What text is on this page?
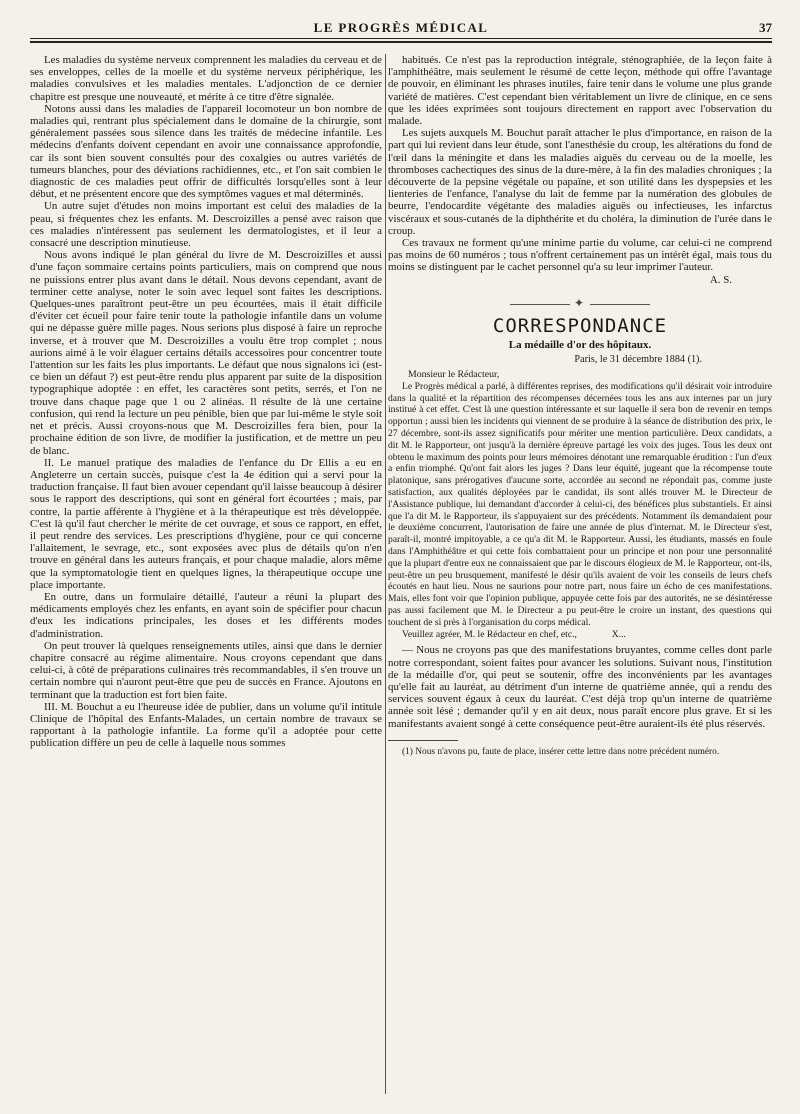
LE PROGRÈS MÉDICAL	37

Les maladies du système nerveux comprennent les maladies du cerveau et de ses enveloppes, celles de la moelle et du système nerveux périphérique, les maladies convulsives et les maladies mentales. L'adjonction de ce dernier chapitre est presque une nouveauté, et mérite à ce titre d'être signalée.

Notons aussi dans les maladies de l'appareil locomoteur un bon nombre de maladies qui, rentrant plus spécialement dans le domaine de la chirurgie, sont généralement passées sous silence dans les traités de médecine infantile. Les médecins d'enfants doivent cependant en avoir une connaissance approfondie, car ils sont bien souvent consultés pour des coxalgies ou autres variétés de tumeurs blanches, pour des déviations rachidiennes, etc., et l'on sait combien le diagnostic de ces maladies peut offrir de difficultés lorsqu'elles sont à leur début, et ne présentent encore que des symptômes vagues et mal déterminés.

Un autre sujet d'études non moins important est celui des maladies de la peau, si fréquentes chez les enfants. M. Descroizilles a pensé avec raison que ces maladies n'intéressent pas seulement les dermatologistes, et il leur a consacré une description minutieuse.

Nous avons indiqué le plan général du livre de M. Descroizilles et aussi d'une façon sommaire certains points particuliers, mais on comprend que nous ne puissions entrer plus avant dans le détail. Nous devons cependant, avant de terminer cette analyse, noter le soin avec lequel sont faites les descriptions. Quelques-unes paraîtront peut-être un peu écourtées, mais il était difficile d'éviter cet écueil pour faire tenir toute la pathologie infantile dans un volume qui ne dépasse guère mille pages. Nous serions plus disposé à faire un reproche inverse, et à trouver que M. Descroizilles a voulu être trop complet ; nous aurions aimé à le voir élaguer certains détails accessoires pour concentrer toute l'attention sur les faits les plus importants. Le défaut que nous signalons ici (est-ce bien un défaut ?) est peut-être rendu plus apparent par suite de la disposition typographique adoptée : en effet, les caractères sont petits, serrés, et l'on ne trouve dans chaque page que 1 ou 2 alinéas. Il résulte de là une certaine confusion, qui rend la lecture un peu pénible, bien que par lui-même le style soit net et précis. Aussi croyons-nous que M. Descroizilles fera bien, pour la prochaine édition de son livre, de modifier la justification, et de mettre un peu de blanc.

II. Le manuel pratique des maladies de l'enfance du Dr Ellis a eu en Angleterre un certain succès, puisque c'est la 4e édition qui a servi pour la traduction française. Il faut bien avouer cependant qu'il laisse beaucoup à désirer sous le rapport des descriptions, qui sont en général fort écourtées ; mais, par contre, la partie afférente à l'hygiène et à la thérapeutique est très développée. C'est là qu'il faut chercher le mérite de cet ouvrage, et sous ce rapport, en effet, il peut rendre des services. Les prescriptions d'hygiène, pour ce qui concerne l'allaitement, le sevrage, etc., sont exposées avec plus de détails qu'on n'en trouve en général dans les auteurs français, et pour chaque maladie, alors même que la symptomatologie tient en quelques lignes, la thérapeutique occupe une place importante.

En outre, dans un formulaire détaillé, l'auteur a réuni la plupart des médicaments employés chez les enfants, en ayant soin de spécifier pour chacun d'eux les indications principales, les doses et les différents modes d'administration.

On peut trouver là quelques renseignements utiles, ainsi que dans le dernier chapitre consacré au régime alimentaire. Nous croyons cependant que dans celui-ci, à côté de préparations culinaires très recommandables, il s'en trouve un certain nombre qui n'auront peut-être que peu de succès en France. Ajoutons en terminant que la traduction est fort bien faite.

III. M. Bouchut a eu l'heureuse idée de publier, dans un volume qu'il intitule Clinique de l'hôpital des Enfants-Malades, un certain nombre de travaux se rapportant à la pathologie infantile. La forme qu'il a adoptée pour cette publication diffère un peu de celle à laquelle nous sommes

habitués. Ce n'est pas la reproduction intégrale, sténographiée, de la leçon faite à l'amphithéâtre, mais seulement le résumé de cette leçon, méthode qui offre l'avantage de pouvoir, en éliminant les phrases inutiles, faire tenir dans le volume une plus grande variété de matières. C'est cependant bien véritablement un livre de clinique, en ce sens que les idées exprimées sont toujours directement en rapport avec l'observation du malade.

Les sujets auxquels M. Bouchut paraît attacher le plus d'importance, en raison de la part qui lui revient dans leur étude, sont l'anesthésie du croup, les altérations du fond de l'œil dans la méningite et dans les maladies aiguës du cerveau ou de la moelle, les thromboses cachectiques des sinus de la dure-mère, à la fin des maladies chroniques ; la découverte de la pepsine végétale ou papaïne, et son utilité dans les dyspepsies et les lienteries de l'enfance, l'analyse du lait de femme par la numération des globules de beurre, l'endocardite végétante des maladies aiguës ou infectieuses, les infarctus viscéraux et sous-cutanés de la diphthérite et du choléra, la diminution de l'urée dans le croup.

Ces travaux ne forment qu'une minime partie du volume, car celui-ci ne comprend pas moins de 60 numéros ; tous n'offrent certainement pas un intérêt égal, mais tous du moins se distinguent par le cachet personnel qu'a su leur imprimer l'auteur.

A. S.
✦
CORRESPONDANCE
La médaille d'or des hôpitaux.
Paris, le 31 décembre 1884 (1).
Monsieur le Rédacteur,

Le Progrès médical a parlé, à différentes reprises, des modifications qu'il désirait voir introduire dans la qualité et la répartition des récompenses décernées tous les ans aux internes par un jury institué à cet effet. C'est là une question intéressante et sur laquelle il sera bon de revenir en temps opportun ; aussi bien les incidents qui viennent de se produire à la séance de distribution des prix, le 27 décembre, sont-ils assez significatifs pour mériter une mention particulière. Deux candidats, a dit M. le Rapporteur, ont jusqu'à la dernière épreuve partagé les voix des juges. Tous les deux ont obtenu le maximum des points pour leurs mémoires dénotant une remarquable érudition : l'un d'eux a enfin triomphé. Qu'ont fait alors les juges ? Dans leur équité, jugeant que la récompense toute platonique, sans prérogatives d'aucune sorte, accordée au second ne répondait pas, comme juste satisfaction, aux qualités déployées par le candidat, ils sont allés trouver M. le Directeur de l'Assistance publique, lui demandant d'accorder à celui-ci, des bénéfices plus substantiels. Et ainsi que l'a dit M. le Rapporteur, ils s'appuyaient sur des précédents. Notamment ils demandaient pour le deuxième concurrent, l'autorisation de faire une année de plus d'internat. M. le Directeur s'est, paraît-il, montré impitoyable, a ce qu'a dit M. le Rapporteur. Aussi, les étudiants, massés en foule dans l'Amphithéâtre et qui cette fois combattaient pour un principe et non pour une personnalité que la plupart d'entre eux ne connaissaient que par le discours élogieux de M. le Rapporteur, ont-ils, peut-être un peu brusquement, manifesté le désir qu'ils avaient de voir les conseils de leurs chefs écoutés en haut lieu. Nous ne saurions pour notre part, nous faire un écho de ces manifestations. Mais, elles font voir que l'opinion publique, appuyée cette fois par des autorités, ne se désintéresse pas aussi facilement que M. le Directeur a pu peut-être le croire un instant, des questions qui touchent de si près à l'organisation du corps médical.

Veuillez agréer, M. le Rédacteur en chef, etc.,	X...

— Nous ne croyons pas que des manifestations bruyantes, comme celles dont parle notre correspondant, soient faites pour avancer les solutions. Suivant nous, l'institution de la médaille d'or, qui peut se soutenir, offre des inconvénients par les avantages qu'elle fait au lauréat, au détriment d'un interne de quatrième année, qui a rendu des services souvent égaux à ceux du lauréat. C'est déjà trop qu'un interne de quatrième année soit lésé ; demander qu'il y en ait deux, nous paraît encore plus grave. Et si les manifestants avaient songé à cette conséquence peut-être auraient-ils été plus réservés.

(1) Nous n'avons pu, faute de place, insérer cette lettre dans notre précédent numéro.
